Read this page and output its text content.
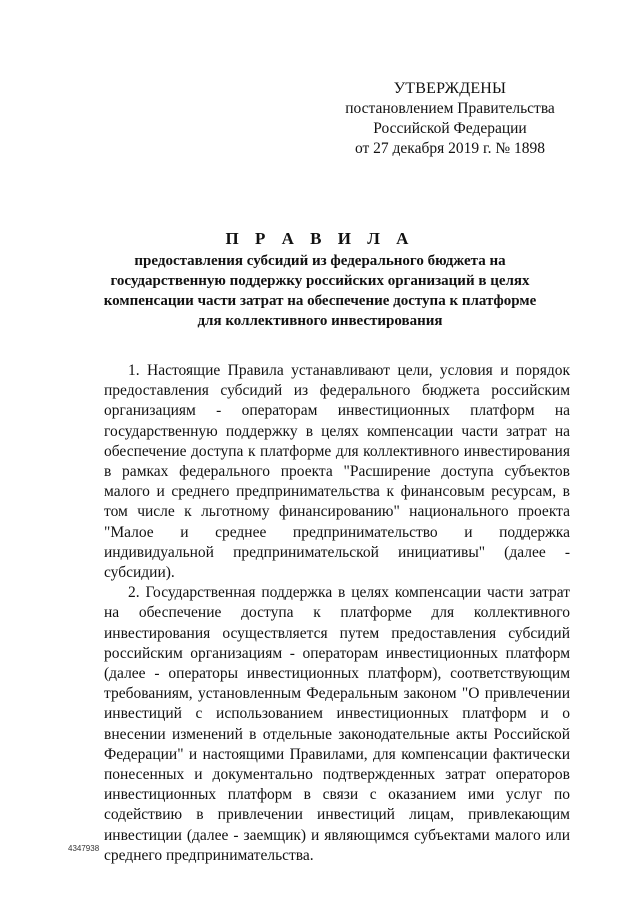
УТВЕРЖДЕНЫ
постановлением Правительства
Российской Федерации
от 27 декабря 2019 г. № 1898
П Р А В И Л А
предоставления субсидий из федерального бюджета на государственную поддержку российских организаций в целях компенсации части затрат на обеспечение доступа к платформе для коллективного инвестирования

1. Настоящие Правила устанавливают цели, условия и порядок предоставления субсидий из федерального бюджета российским организациям - операторам инвестиционных платформ на государственную поддержку в целях компенсации части затрат на обеспечение доступа к платформе для коллективного инвестирования в рамках федерального проекта "Расширение доступа субъектов малого и среднего предпринимательства к финансовым ресурсам, в том числе к льготному финансированию" национального проекта "Малое и среднее предпринимательство и поддержка индивидуальной предпринимательской инициативы" (далее - субсидии).

2. Государственная поддержка в целях компенсации части затрат на обеспечение доступа к платформе для коллективного инвестирования осуществляется путем предоставления субсидий российским организациям - операторам инвестиционных платформ (далее - операторы инвестиционных платформ), соответствующим требованиям, установленным Федеральным законом "О привлечении инвестиций с использованием инвестиционных платформ и о внесении изменений в отдельные законодательные акты Российской Федерации" и настоящими Правилами, для компенсации фактически понесенных и документально подтвержденных затрат операторов инвестиционных платформ в связи с оказанием ими услуг по содействию в привлечении инвестиций лицам, привлекающим инвестиции (далее - заемщик) и являющимся субъектами малого или среднего предпринимательства.

4347938
